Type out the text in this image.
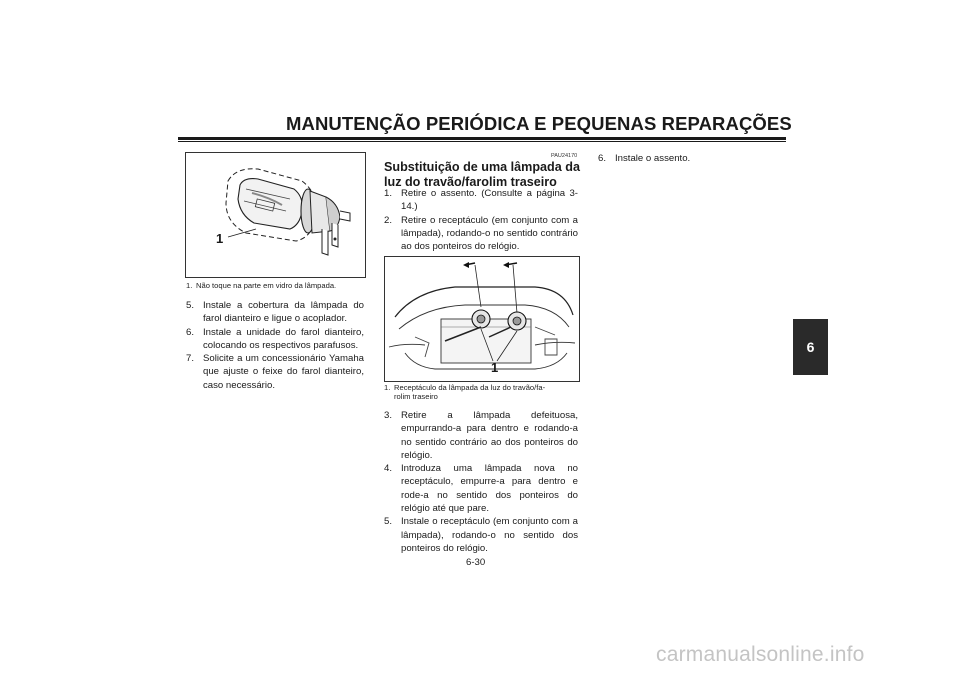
MANUTENÇÃO PERIÓDICA E PEQUENAS REPARAÇÕES
6
1
1. Não toque na parte em vidro da lâmpada.
5. Instale a cobertura da lâmpada do farol dianteiro e ligue o acoplador.
6. Instale a unidade do farol dianteiro, colocando os respectivos parafusos.
7. Solicite a um concessionário Yamaha que ajuste o feixe do farol dianteiro, caso necessário.
PAU24170
Substituição de uma lâmpada da luz do travão/farolim traseiro
1. Retire o assento. (Consulte a página 3-14.)
2. Retire o receptáculo (em conjunto com a lâmpada), rodando-o no sentido contrário ao dos ponteiros do relógio.
1
1. Receptáculo da lâmpada da luz do travão/fa-
rolim traseiro
3. Retire a lâmpada defeituosa, empurrando-a para dentro e rodando-a no sentido contrário ao dos ponteiros do relógio.
4. Introduza uma lâmpada nova no receptáculo, empurre-a para dentro e rode-a no sentido dos ponteiros do relógio até que pare.
5. Instale o receptáculo (em conjunto com a lâmpada), rodando-o no sentido dos ponteiros do relógio.
6. Instale o assento.
6-30
carmanualsonline.info
